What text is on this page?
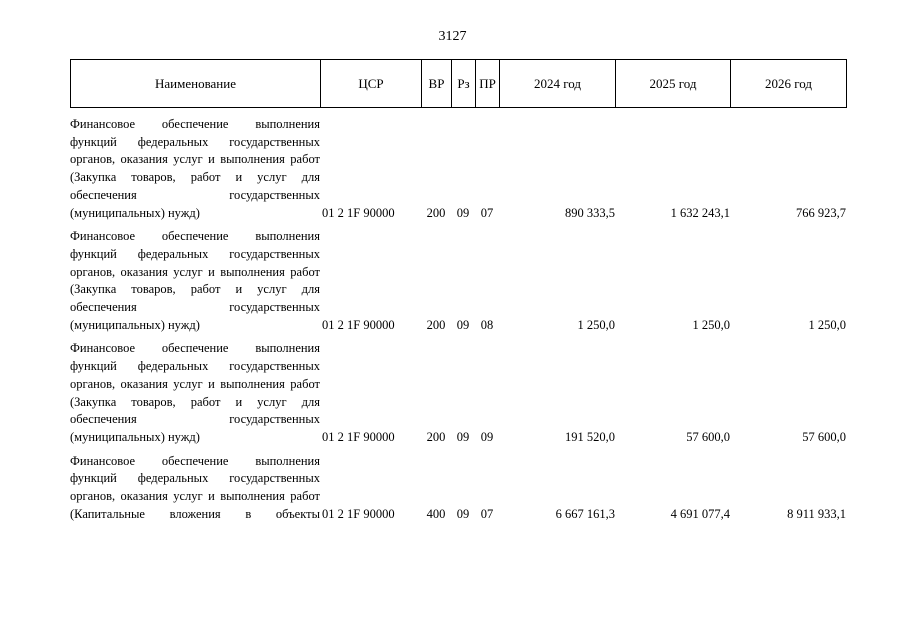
3127
Наименование	ЦСР	ВР	Рз	ПР	2024 год	2025 год	2026 год
Финансовое обеспечение выполнения функций федеральных государственных органов, оказания услуг и выполнения работ (Закупка товаров, работ и услуг для обеспечения государственных (муниципальных) нужд)	01 2 1F 90000	200	09	07	890 333,5	1 632 243,1	766 923,7
Финансовое обеспечение выполнения функций федеральных государственных органов, оказания услуг и выполнения работ (Закупка товаров, работ и услуг для обеспечения государственных (муниципальных) нужд)	01 2 1F 90000	200	09	08	1 250,0	1 250,0	1 250,0
Финансовое обеспечение выполнения функций федеральных государственных органов, оказания услуг и выполнения работ (Закупка товаров, работ и услуг для обеспечения государственных (муниципальных) нужд)	01 2 1F 90000	200	09	09	191 520,0	57 600,0	57 600,0
Финансовое обеспечение выполнения функций федеральных государственных органов, оказания услуг и выполнения работ (Капитальные вложения в объекты	01 2 1F 90000	400	09	07	6 667 161,3	4 691 077,4	8 911 933,1
